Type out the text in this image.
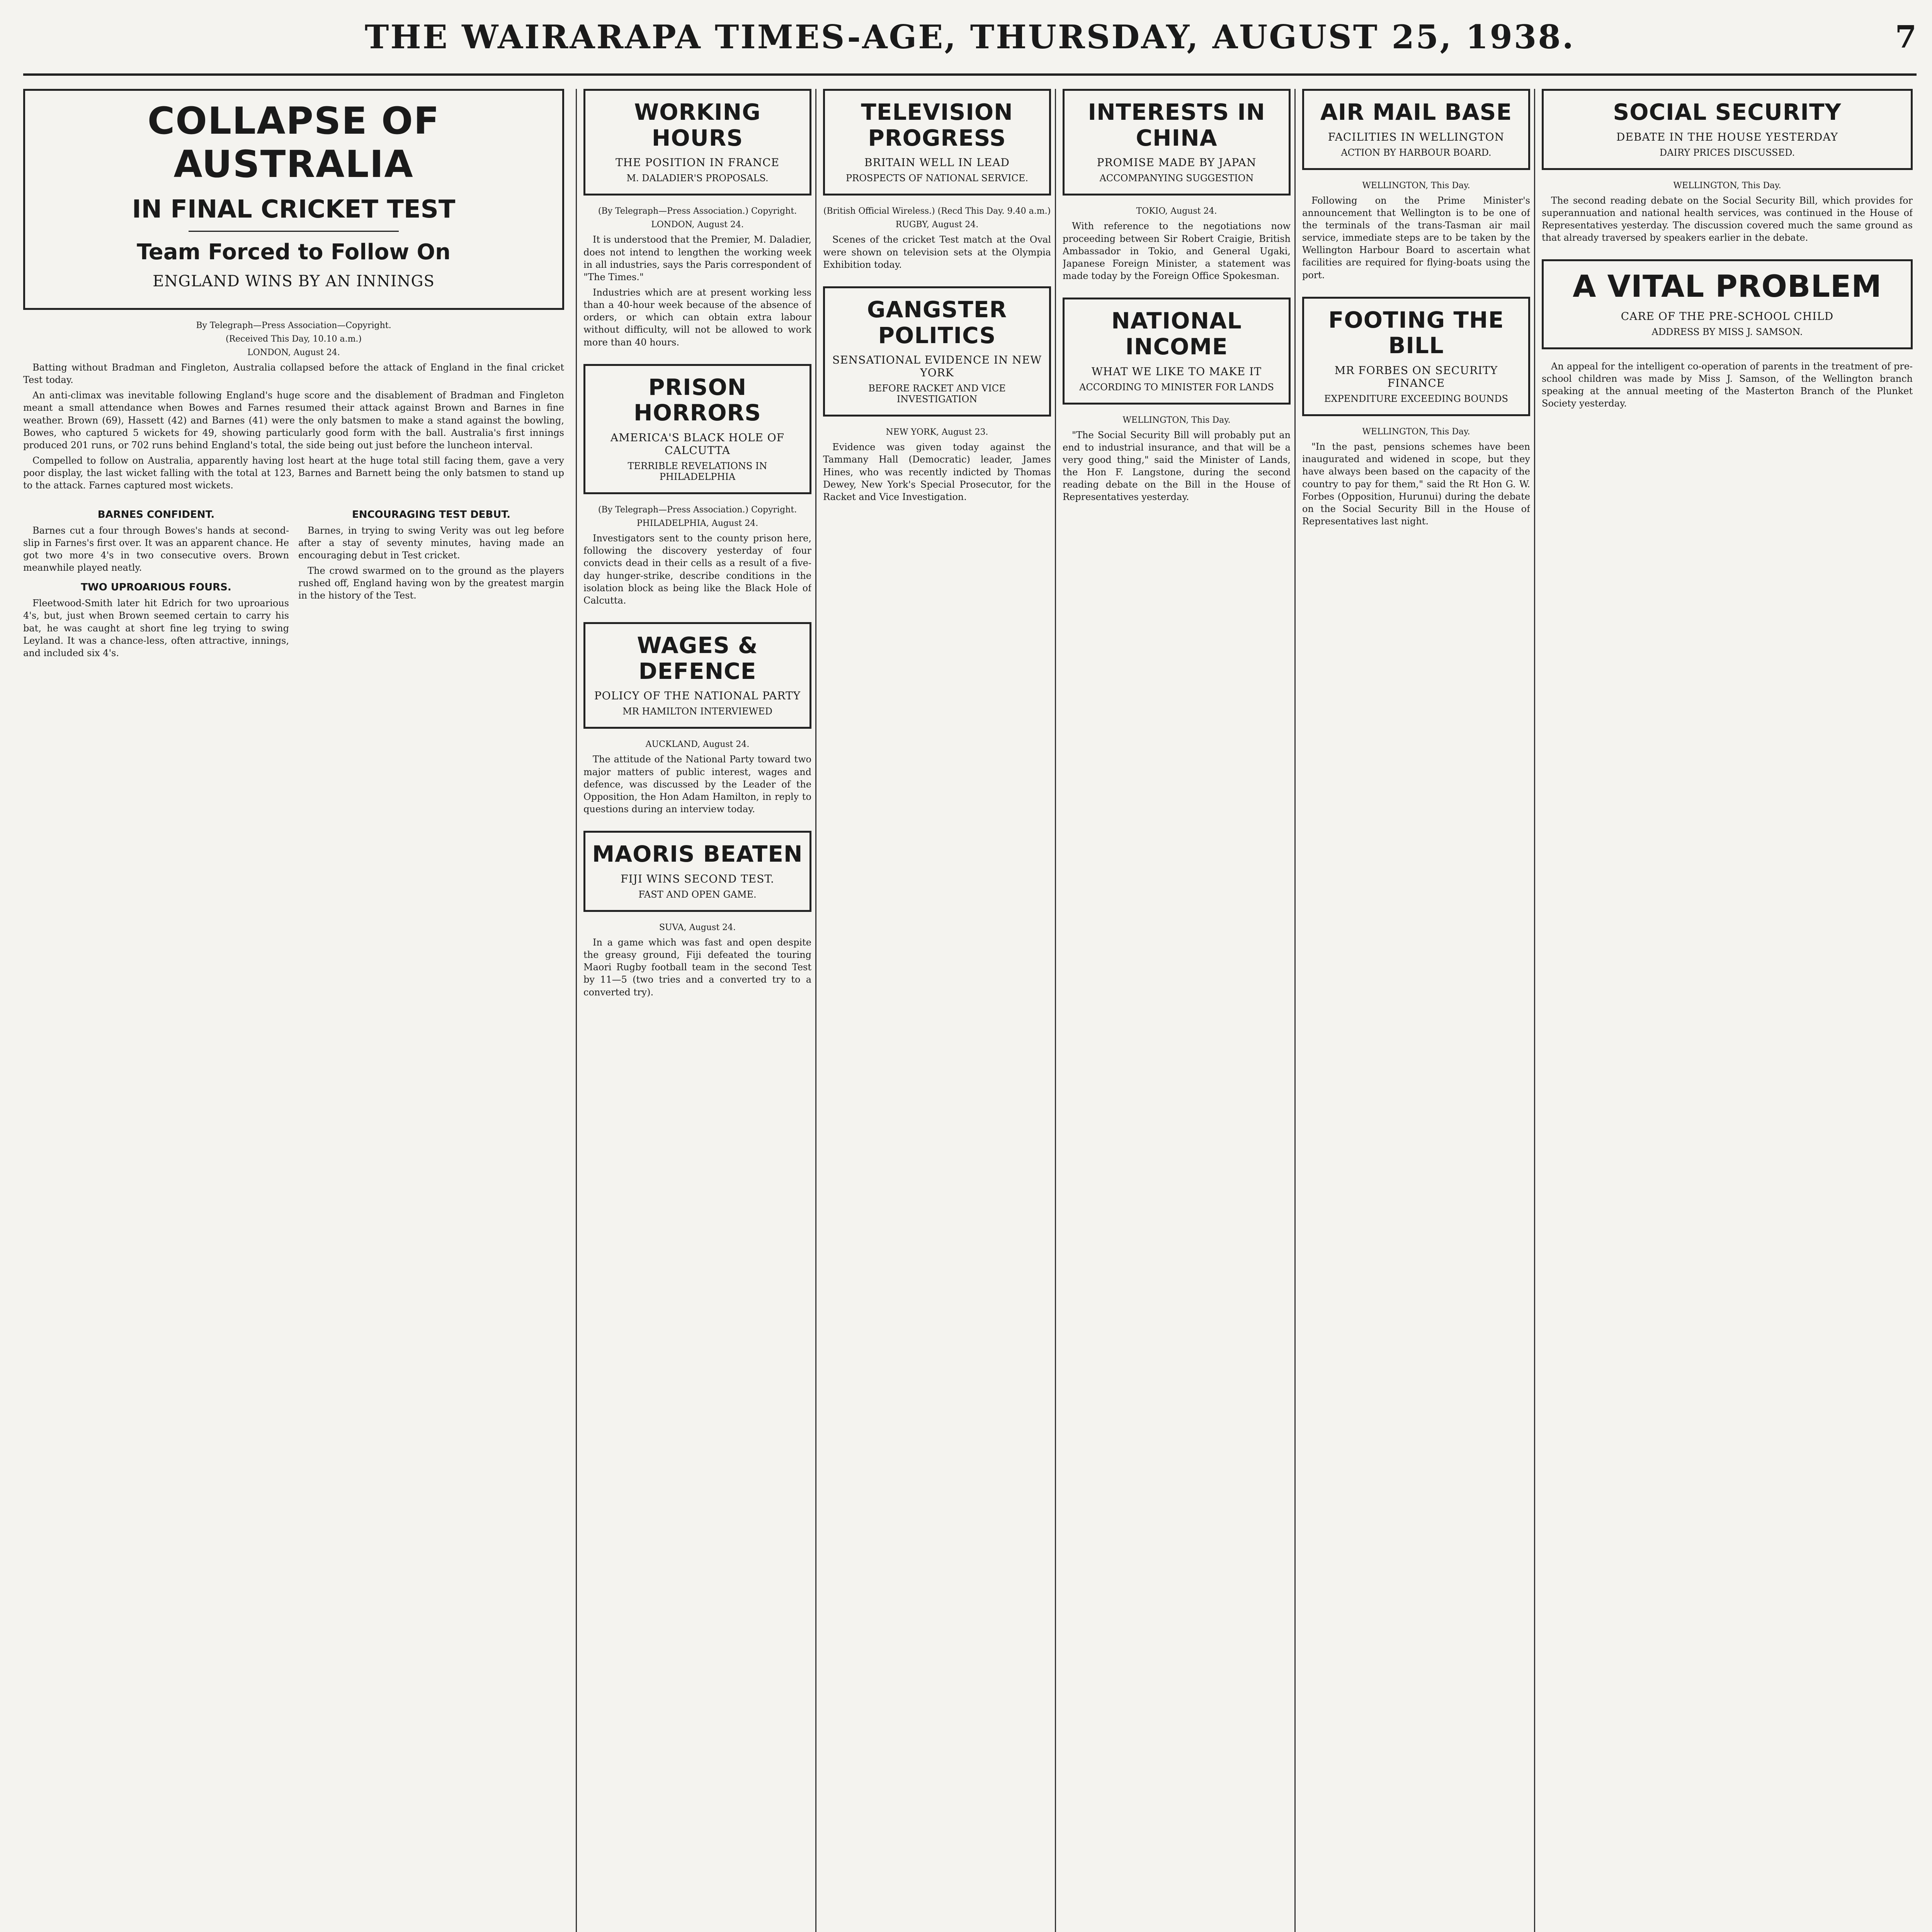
THE WAIRARAPA TIMES-AGE, THURSDAY, AUGUST 25, 1938.	7
COLLAPSE OF AUSTRALIA
IN FINAL CRICKET TEST
Team Forced to Follow On
ENGLAND WINS BY AN INNINGS
By Telegraph—Press Association—Copyright.
(Received This Day, 10.10 a.m.)
LONDON, August 24.

Batting without Bradman and Fingleton, Australia collapsed before the attack of England in the final cricket Test today.

An anti-climax was inevitable following England's huge score and the disablement of Bradman and Fingleton meant a small attendance when Bowes and Farnes resumed their attack against Brown and Barnes in fine weather. Brown (69), Hassett (42) and Barnes (41) were the only batsmen to make a stand against the bowling, Bowes, who captured 5 wickets for 49, showing particularly good form with the ball. Australia's first innings produced 201 runs, or 702 runs behind England's total, the side being out just before the luncheon interval.

Compelled to follow on Australia, apparently having lost heart at the huge total still facing them, gave a very poor display, the last wicket falling with the total at 123, Barnes and Barnett being the only batsmen to stand up to the attack. Farnes captured most wickets.

BARNES CONFIDENT.

Barnes cut a four through Bowes's hands at second-slip in Farnes's first over. It was an apparent chance. He got two more 4's in two consecutive overs. Brown meanwhile played neatly.

TWO UPROARIOUS FOURS.

Fleetwood-Smith later hit Edrich for two uproarious 4's, but, just when Brown seemed certain to carry his bat, he was caught at short fine leg trying to swing Leyland. It was a chance-less, often attractive, innings, and included six 4's.

ENCOURAGING TEST DEBUT.

Barnes, in trying to swing Verity was out leg before after a stay of seventy minutes, having made an encouraging debut in Test cricket.

The crowd swarmed on to the ground as the players rushed off, England having won by the greatest margin in the history of the Test.

WORKING HOURS
THE POSITION IN FRANCE
M. DALADIER'S PROPOSALS.
(By Telegraph—Press Association.) Copyright.
LONDON, August 24.

It is understood that the Premier, M. Daladier, does not intend to lengthen the working week in all industries, says the Paris correspondent of "The Times."

Industries which are at present working less than a 40-hour week because of the absence of orders, or which can obtain extra labour without difficulty, will not be allowed to work more than 40 hours.

PRISON HORRORS
AMERICA'S BLACK HOLE OF CALCUTTA
TERRIBLE REVELATIONS IN PHILADELPHIA
(By Telegraph—Press Association.) Copyright.
PHILADELPHIA, August 24.

Investigators sent to the county prison here, following the discovery yesterday of four convicts dead in their cells as a result of a five-day hunger-strike, describe conditions in the isolation block as being like the Black Hole of Calcutta.

WAGES & DEFENCE
POLICY OF THE NATIONAL PARTY
MR HAMILTON INTERVIEWED
AUCKLAND, August 24.

The attitude of the National Party toward two major matters of public interest, wages and defence, was discussed by the Leader of the Opposition, the Hon Adam Hamilton, in reply to questions during an interview today.

MAORIS BEATEN
FIJI WINS SECOND TEST.
FAST AND OPEN GAME.
SUVA, August 24.

In a game which was fast and open despite the greasy ground, Fiji defeated the touring Maori Rugby football team in the second Test by 11—5 (two tries and a converted try to a converted try).

TELEVISION PROGRESS
BRITAIN WELL IN LEAD
PROSPECTS OF NATIONAL SERVICE.
(British Official Wireless.) (Recd This Day. 9.40 a.m.)
RUGBY, August 24.

Scenes of the cricket Test match at the Oval were shown on television sets at the Olympia Exhibition today.

GANGSTER POLITICS
SENSATIONAL EVIDENCE IN NEW YORK
BEFORE RACKET AND VICE INVESTIGATION
NEW YORK, August 23.

Evidence was given today against the Tammany Hall (Democratic) leader, James Hines, who was recently indicted by Thomas Dewey, New York's Special Prosecutor, for the Racket and Vice Investigation.

INTERESTS IN CHINA
PROMISE MADE BY JAPAN
ACCOMPANYING SUGGESTION
TOKIO, August 24.

With reference to the negotiations now proceeding between Sir Robert Craigie, British Ambassador in Tokio, and General Ugaki, Japanese Foreign Minister, a statement was made today by the Foreign Office Spokesman.

NATIONAL INCOME
WHAT WE LIKE TO MAKE IT
ACCORDING TO MINISTER FOR LANDS
WELLINGTON, This Day.

"The Social Security Bill will probably put an end to industrial insurance, and that will be a very good thing," said the Minister of Lands, the Hon F. Langstone, during the second reading debate on the Bill in the House of Representatives yesterday.

AIR MAIL BASE
FACILITIES IN WELLINGTON
ACTION BY HARBOUR BOARD.
WELLINGTON, This Day.

Following on the Prime Minister's announcement that Wellington is to be one of the terminals of the trans-Tasman air mail service, immediate steps are to be taken by the Wellington Harbour Board to ascertain what facilities are required for flying-boats using the port.

FOOTING THE BILL
MR FORBES ON SECURITY FINANCE
EXPENDITURE EXCEEDING BOUNDS
WELLINGTON, This Day.

"In the past, pensions schemes have been inaugurated and widened in scope, but they have always been based on the capacity of the country to pay for them," said the Rt Hon G. W. Forbes (Opposition, Hurunui) during the debate on the Social Security Bill in the House of Representatives last night.

SOCIAL SECURITY
DEBATE IN THE HOUSE YESTERDAY
DAIRY PRICES DISCUSSED.
WELLINGTON, This Day.

The second reading debate on the Social Security Bill, which provides for superannuation and national health services, was continued in the House of Representatives yesterday. The discussion covered much the same ground as that already traversed by speakers earlier in the debate.

A VITAL PROBLEM
CARE OF THE PRE-SCHOOL CHILD
ADDRESS BY MISS J. SAMSON.

An appeal for the intelligent co-operation of parents in the treatment of pre-school children was made by Miss J. Samson, of the Wellington branch speaking at the annual meeting of the Masterton Branch of the Plunket Society yesterday.
